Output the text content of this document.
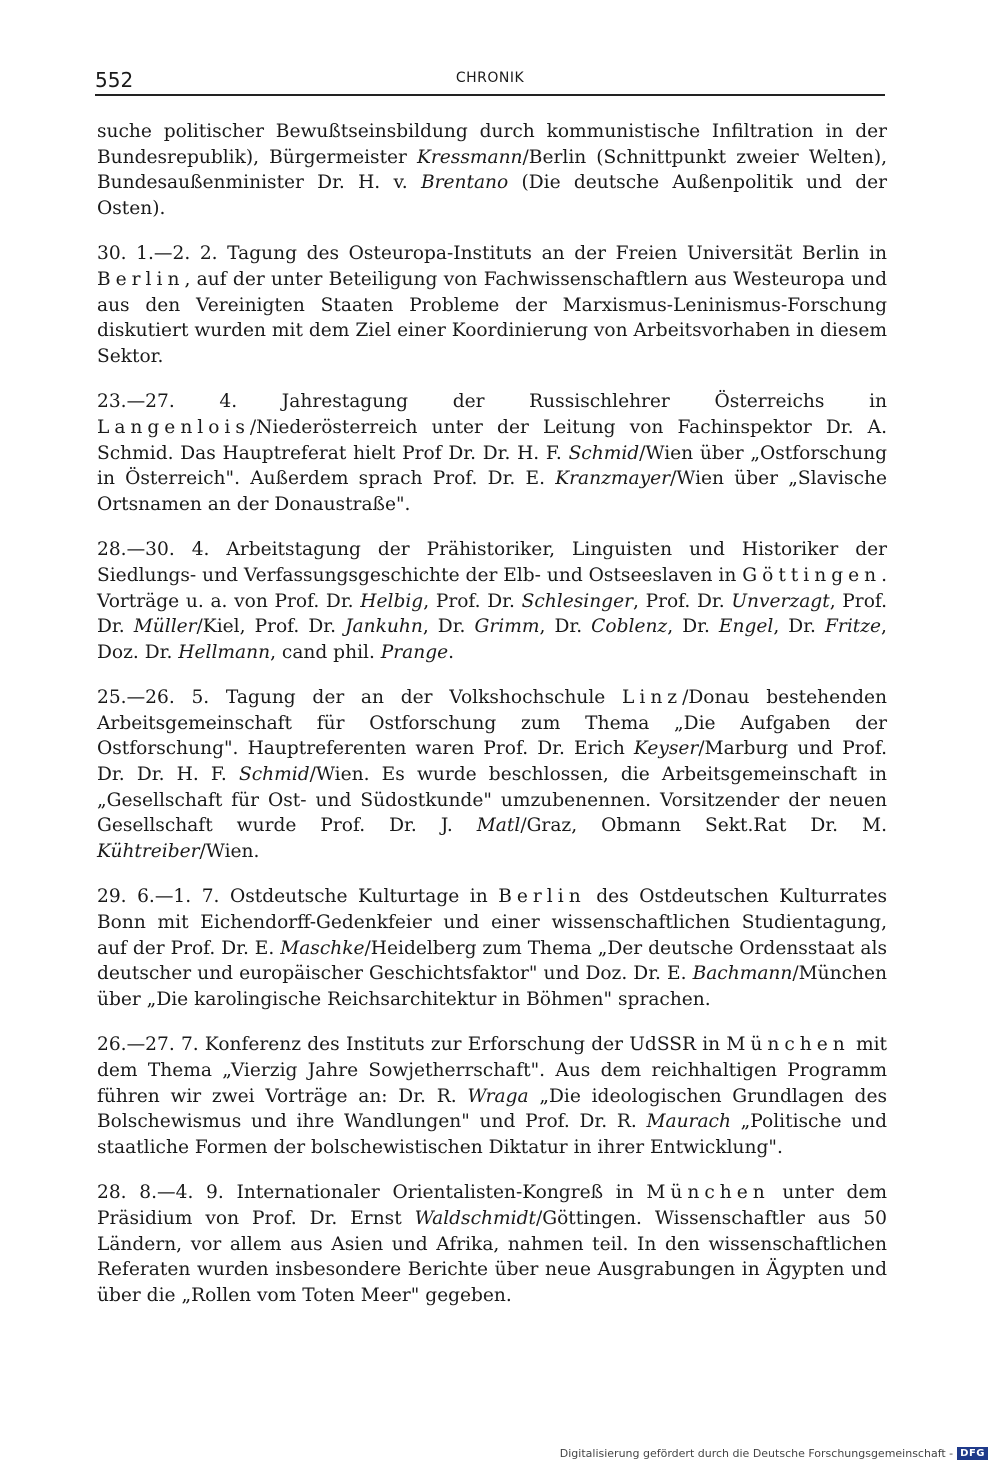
552	CHRONIK

suche politischer Bewußtseinsbildung durch kommunistische Infiltration in der Bundesrepublik), Bürgermeister Kressmann/Berlin (Schnittpunkt zweier Welten), Bundesaußenminister Dr. H. v. Brentano (Die deutsche Außenpolitik und der Osten).

30. 1.—2. 2. Tagung des Osteuropa-Instituts an der Freien Universität Berlin in Berlin, auf der unter Beteiligung von Fachwissenschaftlern aus Westeuropa und aus den Vereinigten Staaten Probleme der Marxismus-Leninismus-Forschung diskutiert wurden mit dem Ziel einer Koordinierung von Arbeitsvorhaben in diesem Sektor.

23.—27. 4. Jahrestagung der Russischlehrer Österreichs in Langenlois/Niederösterreich unter der Leitung von Fachinspektor Dr. A. Schmid. Das Hauptreferat hielt Prof Dr. Dr. H. F. Schmid/Wien über „Ostforschung in Österreich". Außerdem sprach Prof. Dr. E. Kranzmayer/Wien über „Slavische Ortsnamen an der Donaustraße".

28.—30. 4. Arbeitstagung der Prähistoriker, Linguisten und Historiker der Siedlungs- und Verfassungsgeschichte der Elb- und Ostseeslaven in Göttingen. Vorträge u. a. von Prof. Dr. Helbig, Prof. Dr. Schlesinger, Prof. Dr. Unverzagt, Prof. Dr. Müller/Kiel, Prof. Dr. Jankuhn, Dr. Grimm, Dr. Coblenz, Dr. Engel, Dr. Fritze, Doz. Dr. Hellmann, cand phil. Prange.

25.—26. 5. Tagung der an der Volkshochschule Linz/Donau bestehenden Arbeitsgemeinschaft für Ostforschung zum Thema „Die Aufgaben der Ostforschung". Hauptreferenten waren Prof. Dr. Erich Keyser/Marburg und Prof. Dr. Dr. H. F. Schmid/Wien. Es wurde beschlossen, die Arbeitsgemeinschaft in „Gesellschaft für Ost- und Südostkunde" umzubenennen. Vorsitzender der neuen Gesellschaft wurde Prof. Dr. J. Matl/Graz, Obmann Sekt.Rat Dr. M. Kühtreiber/Wien.

29. 6.—1. 7. Ostdeutsche Kulturtage in Berlin des Ostdeutschen Kulturrates Bonn mit Eichendorff-Gedenkfeier und einer wissenschaftlichen Studientagung, auf der Prof. Dr. E. Maschke/Heidelberg zum Thema „Der deutsche Ordensstaat als deutscher und europäischer Geschichtsfaktor" und Doz. Dr. E. Bachmann/München über „Die karolingische Reichsarchitektur in Böhmen" sprachen.

26.—27. 7. Konferenz des Instituts zur Erforschung der UdSSR in München mit dem Thema „Vierzig Jahre Sowjetherrschaft". Aus dem reichhaltigen Programm führen wir zwei Vorträge an: Dr. R. Wraga „Die ideologischen Grundlagen des Bolschewismus und ihre Wandlungen" und Prof. Dr. R. Maurach „Politische und staatliche Formen der bolschewistischen Diktatur in ihrer Entwicklung".

28. 8.—4. 9. Internationaler Orientalisten-Kongreß in München unter dem Präsidium von Prof. Dr. Ernst Waldschmidt/Göttingen. Wissenschaftler aus 50 Ländern, vor allem aus Asien und Afrika, nahmen teil. In den wissenschaftlichen Referaten wurden insbesondere Berichte über neue Ausgrabungen in Ägypten und über die „Rollen vom Toten Meer" gegeben.

Digitalisierung gefördert durch die Deutsche Forschungsgemeinschaft - DFG
